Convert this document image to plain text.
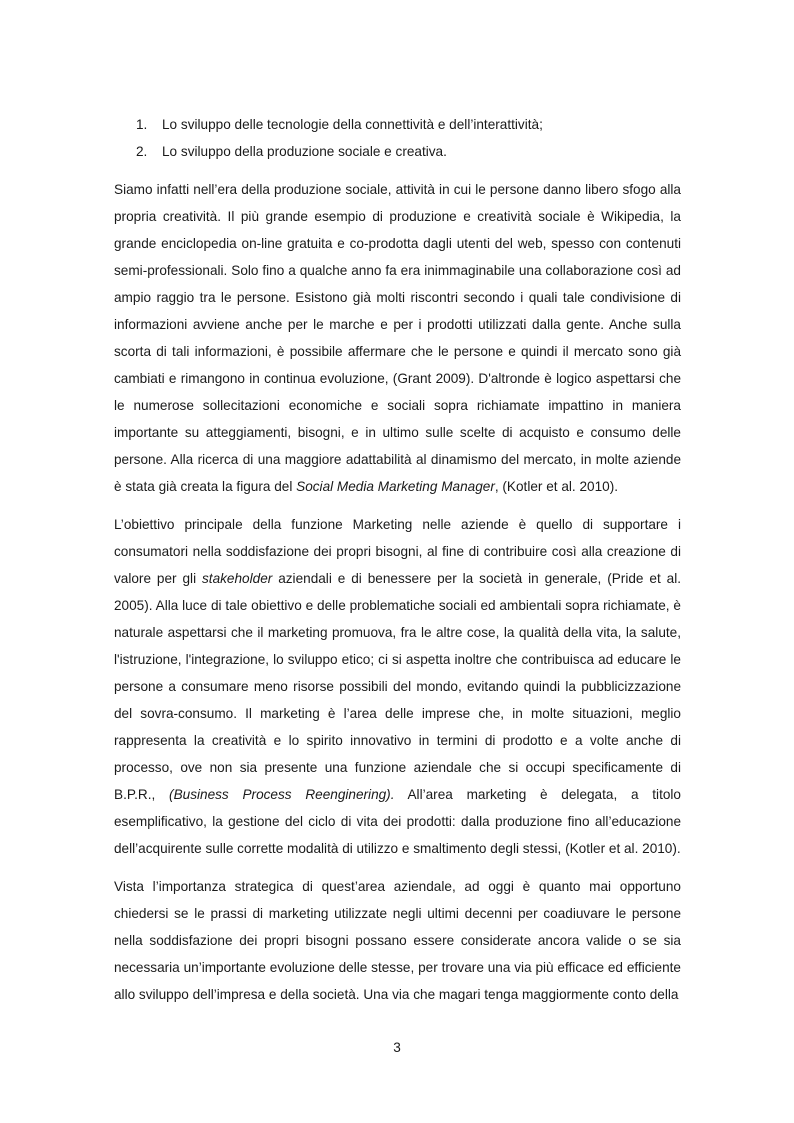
1. Lo sviluppo delle tecnologie della connettività e dell’interattività;
2. Lo sviluppo della produzione sociale e creativa.

Siamo infatti nell’era della produzione sociale, attività in cui le persone danno libero sfogo alla propria creatività. Il più grande esempio di produzione e creatività sociale è Wikipedia, la grande enciclopedia on-line gratuita e co-prodotta dagli utenti del web, spesso con contenuti semi-professionali. Solo fino a qualche anno fa era inimmaginabile una collaborazione così ad ampio raggio tra le persone. Esistono già molti riscontri secondo i quali tale condivisione di informazioni avviene anche per le marche e per i prodotti utilizzati dalla gente. Anche sulla scorta di tali informazioni, è possibile affermare che le persone e quindi il mercato sono già cambiati e rimangono in continua evoluzione, (Grant 2009). D'altronde è logico aspettarsi che le numerose sollecitazioni economiche e sociali sopra richiamate impattino in maniera importante su atteggiamenti, bisogni, e in ultimo sulle scelte di acquisto e consumo delle persone. Alla ricerca di una maggiore adattabilità al dinamismo del mercato, in molte aziende è stata già creata la figura del Social Media Marketing Manager, (Kotler et al. 2010).

L’obiettivo principale della funzione Marketing nelle aziende è quello di supportare i consumatori nella soddisfazione dei propri bisogni, al fine di contribuire così alla creazione di valore per gli stakeholder aziendali e di benessere per la società in generale, (Pride et al. 2005). Alla luce di tale obiettivo e delle problematiche sociali ed ambientali sopra richiamate, è naturale aspettarsi che il marketing promuova, fra le altre cose, la qualità della vita, la salute, l'istruzione, l'integrazione, lo sviluppo etico; ci si aspetta inoltre che contribuisca ad educare le persone a consumare meno risorse possibili del mondo, evitando quindi la pubblicizzazione del sovra-consumo. Il marketing è l’area delle imprese che, in molte situazioni, meglio rappresenta la creatività e lo spirito innovativo in termini di prodotto e a volte anche di processo, ove non sia presente una funzione aziendale che si occupi specificamente di B.P.R., (Business Process Reenginering). All’area marketing è delegata, a titolo esemplificativo, la gestione del ciclo di vita dei prodotti: dalla produzione fino all’educazione dell’acquirente sulle corrette modalità di utilizzo e smaltimento degli stessi, (Kotler et al. 2010).

Vista l’importanza strategica di quest’area aziendale, ad oggi è quanto mai opportuno chiedersi se le prassi di marketing utilizzate negli ultimi decenni per coadiuvare le persone nella soddisfazione dei propri bisogni possano essere considerate ancora valide o se sia necessaria un’importante evoluzione delle stesse, per trovare una via più efficace ed efficiente allo sviluppo dell’impresa e della società. Una via che magari tenga maggiormente conto della

3
